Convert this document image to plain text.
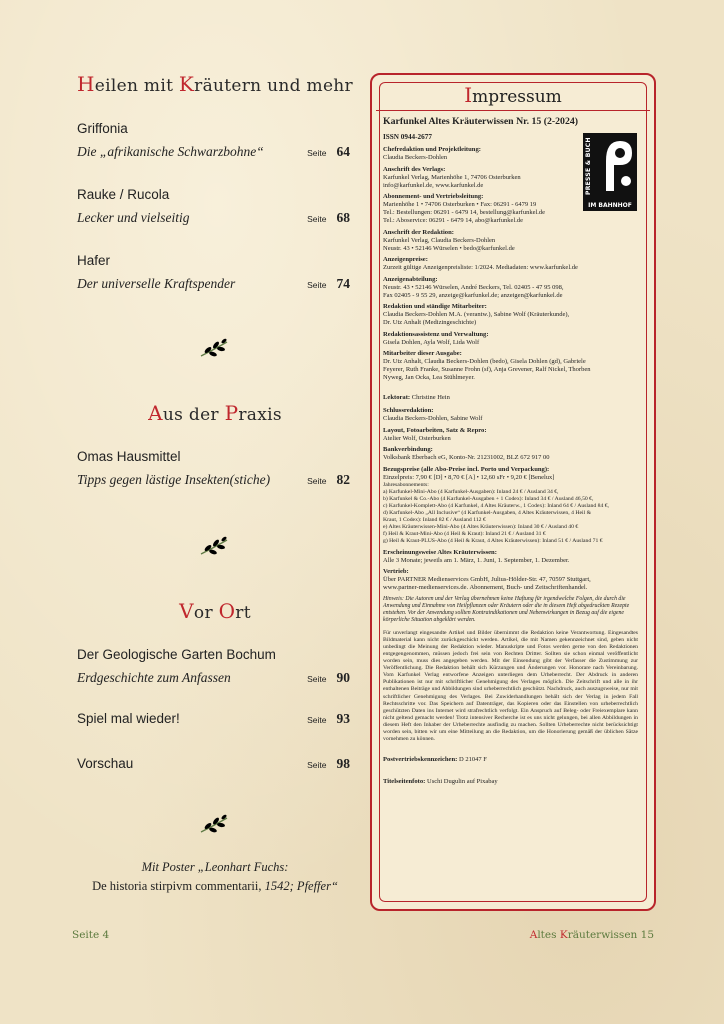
Heilen mit Kräutern und mehr
Griffonia
Die „afrikanische Schwarzbohne“	Seite 64
Rauke / Rucola
Lecker und vielseitig	Seite 68
Hafer
Der universelle Kraftspender	Seite 74
Aus der Praxis
Omas Hausmittel
Tipps gegen lästige Insekten(stiche)	Seite 82
Vor Ort
Der Geologische Garten Bochum
Erdgeschichte zum Anfassen	Seite 90
Spiel mal wieder!	Seite 93
Vorschau	Seite 98
Mit Poster „Leonhart Fuchs:
De historia stirpivm commentarii, 1542; Pfeffer“
Seite 4	Altes Kräuterwissen 15
Impressum
PRESSE & BUCH
IM BAHNHOF
Karfunkel Altes Kräuterwissen Nr. 15 (2-2024)
ISSN 0944-2677
Chefredaktion und Projektleitung:
Claudia Beckers-Dohlen
Anschrift des Verlags:
Karfunkel Verlag, Marienhöhe 1, 74706 Osterburken
info@karfunkel.de, www.karfunkel.de
Abonnement- und Vertriebsleitung:
Marienhöhe 1 • 74706 Osterburken • Fax: 06291 - 6479 19
Tel.: Bestellungen: 06291 - 6479 14, bestellung@karfunkel.de
Tel.: Aboservice: 06291 - 6479 14, abo@karfunkel.de
Anschrift der Redaktion:
Karfunkel Verlag, Claudia Beckers-Dohlen
Neustr. 43 • 52146 Würselen • bedo@karfunkel.de
Anzeigenpreise:
Zurzeit gültige Anzeigenpreisliste: 1/2024. Mediadaten: www.karfunkel.de
Anzeigenabteilung:
Neustr. 43 • 52146 Würselen, André Beckers, Tel. 02405 - 47 95 098,
Fax 02405 - 9 55 29, anzeige@karfunkel.de; anzeigen@karfunkel.de
Redaktion und ständige Mitarbeiter:
Claudia Beckers-Dohlen M.A. (verantw.), Sabine Wolf (Kräuterkunde),
Dr. Utz Anhalt (Medizingeschichte)
Redaktionsassistenz und Verwaltung:
Gisela Dohlen, Ayla Wolf, Lida Wolf
Mitarbeiter dieser Ausgabe:
Dr. Utz Anhalt, Claudia Beckers-Dohlen (bedo), Gisela Dohlen (gd), Gabriele
Feyerer, Ruth Franke, Susanne Frohn (sf), Anja Grevener, Ralf Nickel, Thorben
Nyweg, Jan Ocka, Lea Stühlmeyer.
Lektorat: Christine Hein
Schlussredaktion:
Claudia Beckers-Dohlen, Sabine Wolf
Layout, Fotoarbeiten, Satz & Repro:
Atelier Wolf, Osterburken
Bankverbindung:
Volksbank Eberbach eG, Konto-Nr. 21231002, BLZ 672 917 00
Bezugspreise (alle Abo-Preise incl. Porto und Verpackung):
Einzelpreis: 7,90 € [D] • 8,70 € [A] • 12,60 sFr • 9,20 € [Benelux]
Jahresabonnements:
a) Karfunkel-Mini-Abo (4 Karfunkel-Ausgaben): Inland 24 € / Ausland 34 €,
b) Karfunkel & Co.-Abo (4 Karfunkel-Ausgaben + 1 Codex): Inland 34 € / Ausland 46,50 €,
c) Karfunkel-Komplett-Abo (4 Karfunkel, 4 Altes Kräuterw., 1 Codex): Inland 64 € / Ausland 84 €,
d) Karfunkel-Abo „All Inclusive“ (4 Karfunkel-Ausgaben, 4 Altes Kräuterwissen, 4 Heil &
Kraut, 1 Codex): Inland 82 € / Ausland 112 €
e) Altes Kräuterwissen-Mini-Abo (4 Altes Kräuterwissen): Inland 30 € / Ausland 40 €
f) Heil & Kraut-Mini-Abo (4 Heil & Kraut): Inland 21 € / Ausland 31 €
g) Heil & Kraut-PLUS-Abo (4 Heil & Kraut, 4 Altes Kräuterwissen): Inland 51 € / Ausland 71 €
Erscheinungsweise Altes Kräuterwissen:
Alle 3 Monate; jeweils am 1. März, 1. Juni, 1. September, 1. Dezember.
Vertrieb:
Über PARTNER Medienservices GmbH, Julius-Hölder-Str. 47, 70597 Stuttgart,
www.partner-medienservices.de. Abonnement, Buch- und Zeitschriftenhandel.
Hinweis: Die Autoren und der Verlag übernehmen keine Haftung für irgendwelche Folgen, die durch die Anwendung und Einnahme von Heilpflanzen oder Kräutern oder die in diesem Heft abgedruckten Rezepte entstehen. Vor der Anwendung sollten Kontraindikationen und Nebenwirkungen in Bezug auf die eigene körperliche Situation abgeklärt werden.
Für unverlangt eingesandte Artikel und Bilder übernimmt die Redaktion keine Verantwortung. Eingesandtes Bildmaterial kann nicht zurückgeschickt werden. Artikel, die mit Namen gekennzeichnet sind, geben nicht unbedingt die Meinung der Redaktion wieder. Manuskripte und Fotos werden gerne von den Redaktionen entgegengenommen, müssen jedoch frei sein von Rechten Dritter. Sollten sie schon einmal veröffentlicht worden sein, muss dies angegeben werden. Mit der Einsendung gibt der Verfasser die Zustimmung zur Veröffentlichung. Die Redaktion behält sich Kürzungen und Änderungen vor. Honorare nach Vereinbarung. Vom Karfunkel Verlag entworfene Anzeigen unterliegen dem Urheberrecht. Der Abdruck in anderen Publikationen ist nur mit schriftlicher Genehmigung des Verlages möglich. Die Zeitschrift und alle in ihr enthaltenen Beiträge und Abbildungen sind urheberrechtlich geschützt. Nachdruck, auch auszugsweise, nur mit schriftlicher Genehmigung des Verlages. Bei Zuwiderhandlungen behält sich der Verlag in jedem Fall Rechtsschritte vor. Das Speichern auf Datenträger, das Kopieren oder das Einstellen von urheberrechtlich geschützten Daten ins Internet wird strafrechtlich verfolgt. Ein Anspruch auf Beleg- oder Freiexemplare kann nicht geltend gemacht werden! Trotz intensiver Recherche ist es uns nicht gelungen, bei allen Abbildungen in diesem Heft den Inhaber der Urheberrechte ausfindig zu machen. Sollten Urheberrechte nicht berücksichtigt worden sein, bitten wir um eine Mitteilung an die Redaktion, um die Honorierung gemäß der üblichen Sätze vornehmen zu können.
Postvertriebskennzeichen: D 21047 F
Titelseitenfoto: Uschi Dugulin auf Pixabay
